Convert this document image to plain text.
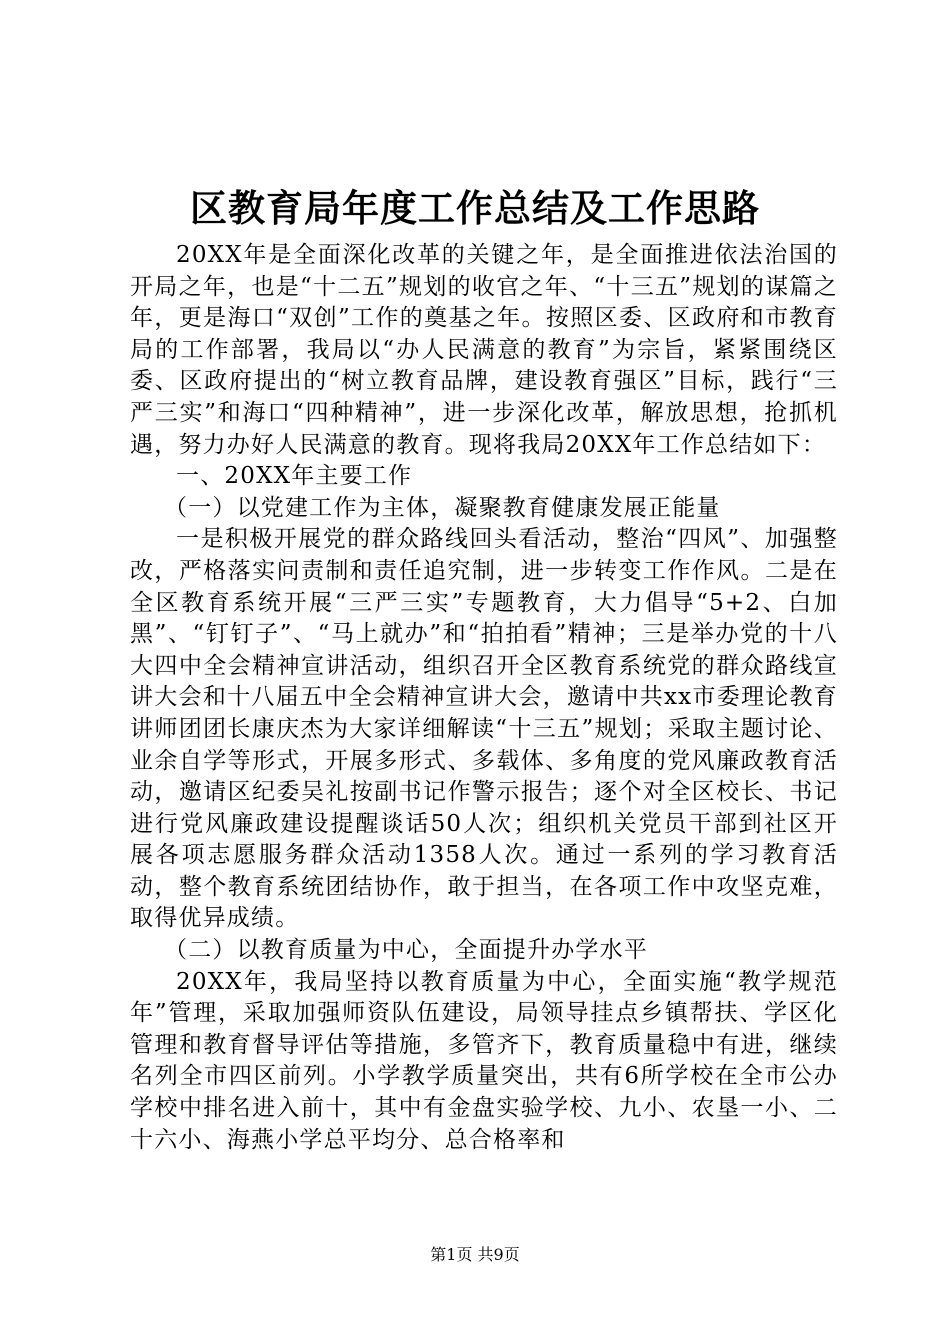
区教育局年度工作总结及工作思路

20XX年是全面深化改革的关键之年，是全面推进依法治国的开局之年，也是“十二五”规划的收官之年、“十三五”规划的谋篇之年，更是海口“双创”工作的奠基之年。按照区委、区政府和市教育局的工作部署，我局以“办人民满意的教育”为宗旨，紧紧围绕区委、区政府提出的“树立教育品牌，建设教育强区”目标，践行“三严三实”和海口“四种精神”，进一步深化改革，解放思想，抢抓机遇，努力办好人民满意的教育。现将我局20XX年工作总结如下：

一、20XX年主要工作

（一）以党建工作为主体，凝聚教育健康发展正能量

一是积极开展党的群众路线回头看活动，整治“四风”、加强整改，严格落实问责制和责任追究制，进一步转变工作作风。二是在全区教育系统开展“三严三实”专题教育，大力倡导“5+2、白加黑”、“钉钉子”、“马上就办”和“拍拍看”精神；三是举办党的十八大四中全会精神宣讲活动，组织召开全区教育系统党的群众路线宣讲大会和十八届五中全会精神宣讲大会，邀请中共xx市委理论教育讲师团团长康庆杰为大家详细解读“十三五”规划；采取主题讨论、业余自学等形式，开展多形式、多载体、多角度的党风廉政教育活动，邀请区纪委吴礼按副书记作警示报告；逐个对全区校长、书记进行党风廉政建设提醒谈话50人次；组织机关党员干部到社区开展各项志愿服务群众活动1358人次。通过一系列的学习教育活动，整个教育系统团结协作，敢于担当，在各项工作中攻坚克难，取得优异成绩。

（二）以教育质量为中心，全面提升办学水平

20XX年，我局坚持以教育质量为中心，全面实施“教学规范年”管理，采取加强师资队伍建设，局领导挂点乡镇帮扶、学区化管理和教育督导评估等措施，多管齐下，教育质量稳中有进，继续名列全市四区前列。小学教学质量突出，共有6所学校在全市公办学校中排名进入前十，其中有金盘实验学校、九小、农垦一小、二十六小、海燕小学总平均分、总合格率和

第1页 共9页
